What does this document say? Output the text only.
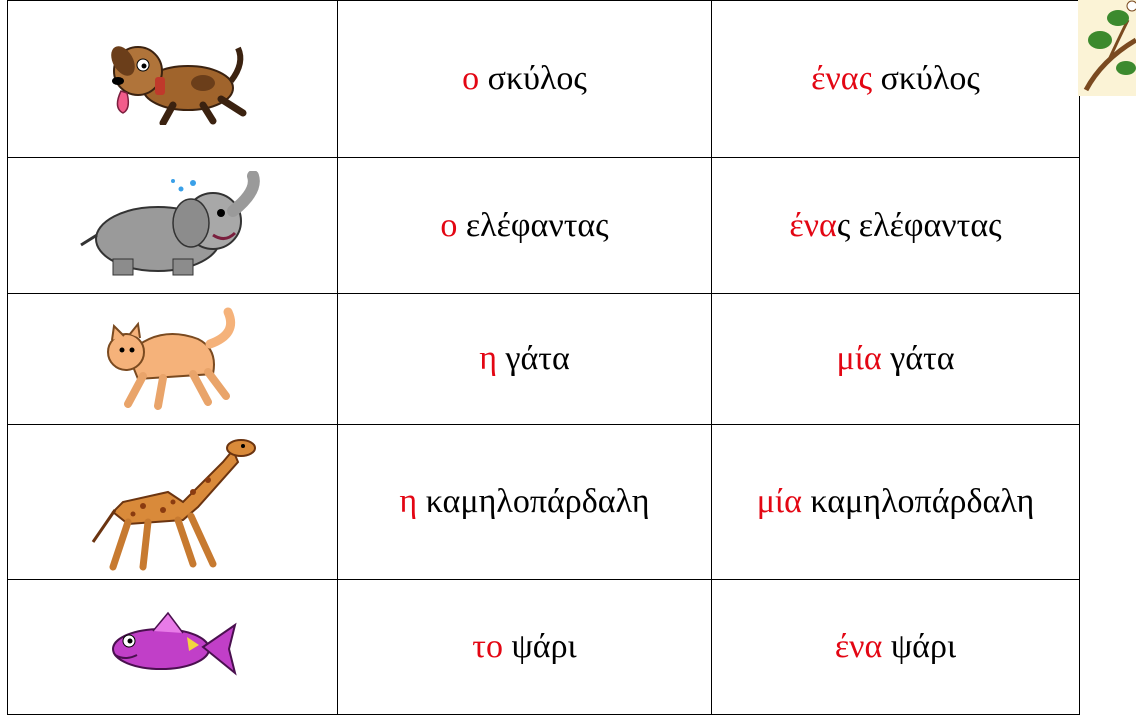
	ο σκύλος	ένας σκύλος

	ο ελέφαντας	ένας ελέφαντας

	η γάτα	μία γάτα

	η καμηλοπάρδαλη	μία καμηλοπάρδαλη

	το ψάρι	ένα ψάρι
